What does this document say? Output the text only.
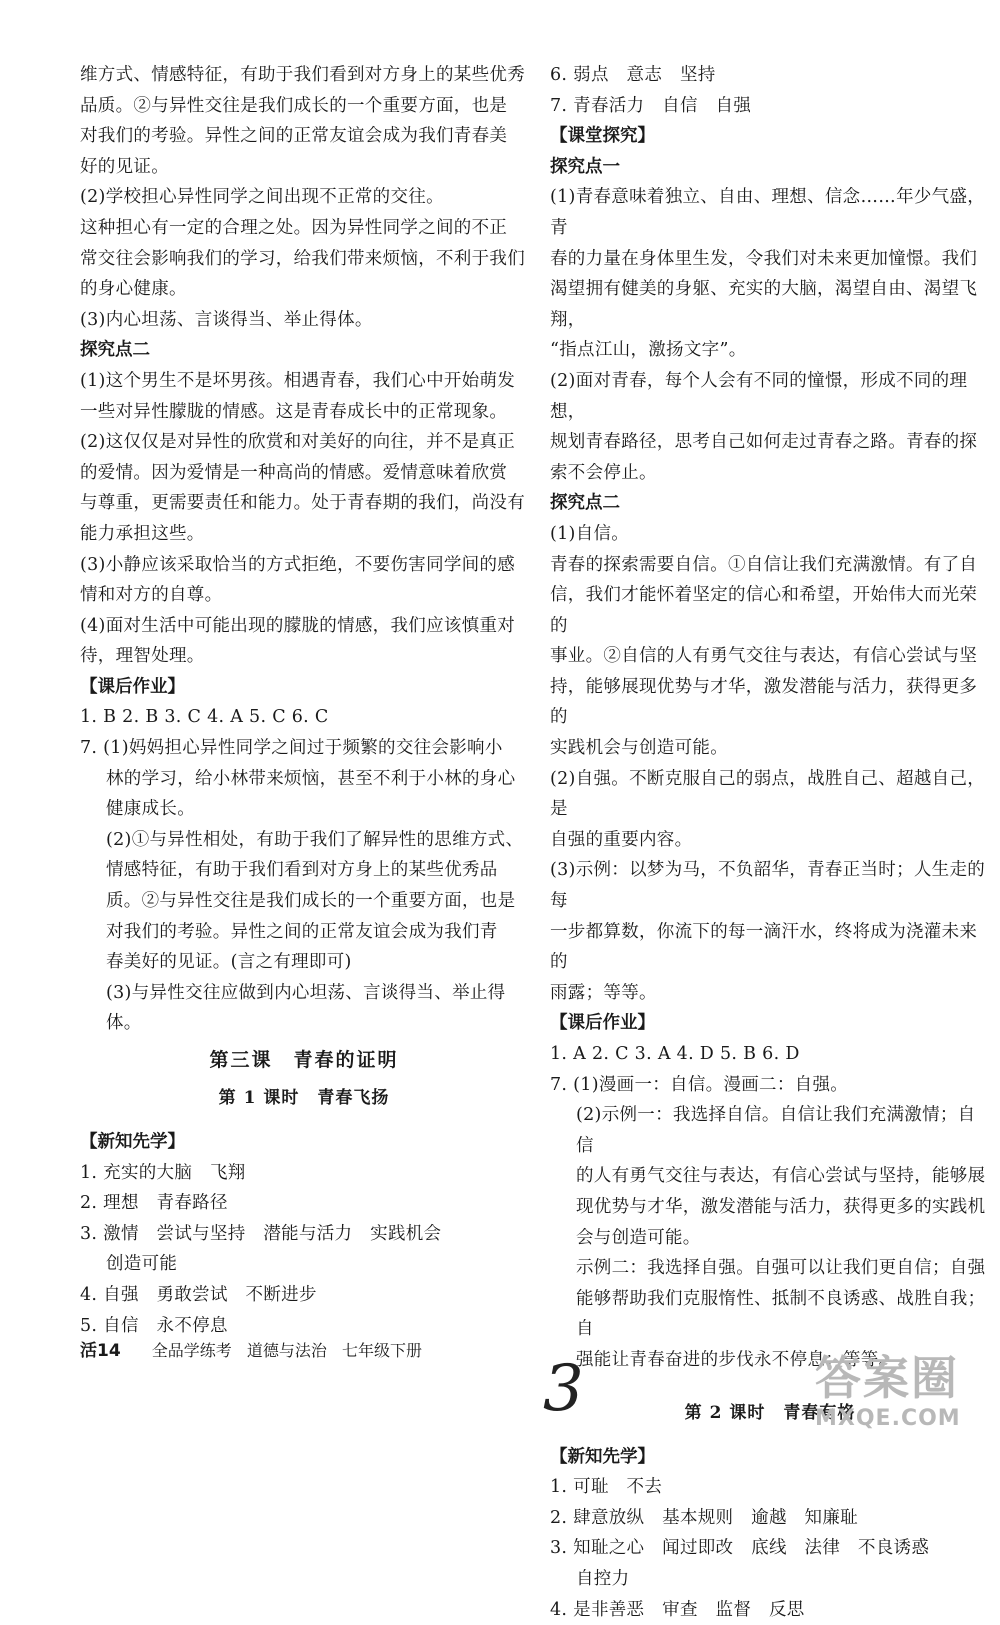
维方式、情感特征，有助于我们看到对方身上的某些优秀

品质。②与异性交往是我们成长的一个重要方面，也是

对我们的考验。异性之间的正常友谊会成为我们青春美

好的见证。

(2)学校担心异性同学之间出现不正常的交往。

这种担心有一定的合理之处。因为异性同学之间的不正

常交往会影响我们的学习，给我们带来烦恼，不利于我们

的身心健康。

(3)内心坦荡、言谈得当、举止得体。

探究点二

(1)这个男生不是坏男孩。相遇青春，我们心中开始萌发

一些对异性朦胧的情感。这是青春成长中的正常现象。

(2)这仅仅是对异性的欣赏和对美好的向往，并不是真正

的爱情。因为爱情是一种高尚的情感。爱情意味着欣赏

与尊重，更需要责任和能力。处于青春期的我们，尚没有

能力承担这些。

(3)小静应该采取恰当的方式拒绝，不要伤害同学间的感

情和对方的自尊。

(4)面对生活中可能出现的朦胧的情感，我们应该慎重对

待，理智处理。

【课后作业】

1. B 2. B 3. C 4. A 5. C 6. C

7. (1)妈妈担心异性同学之间过于频繁的交往会影响小

林的学习，给小林带来烦恼，甚至不利于小林的身心

健康成长。

(2)①与异性相处，有助于我们了解异性的思维方式、

情感特征，有助于我们看到对方身上的某些优秀品

质。②与异性交往是我们成长的一个重要方面，也是

对我们的考验。异性之间的正常友谊会成为我们青

春美好的见证。(言之有理即可)

(3)与异性交往应做到内心坦荡、言谈得当、举止得体。

第三课　青春的证明

第 1 课时　青春飞扬

【新知先学】

1. 充实的大脑　飞翔

2. 理想　青春路径

3. 激情　尝试与坚持　潜能与活力　实践机会

创造可能

4. 自强　勇敢尝试　不断进步

5. 自信　永不停息

6. 弱点　意志　坚持

7. 青春活力　自信　自强

【课堂探究】

探究点一

(1)青春意味着独立、自由、理想、信念……年少气盛，青

春的力量在身体里生发，令我们对未来更加憧憬。我们

渴望拥有健美的身躯、充实的大脑，渴望自由、渴望飞翔，

“指点江山，激扬文字”。

(2)面对青春，每个人会有不同的憧憬，形成不同的理想，

规划青春路径，思考自己如何走过青春之路。青春的探

索不会停止。

探究点二

(1)自信。

青春的探索需要自信。①自信让我们充满激情。有了自

信，我们才能怀着坚定的信心和希望，开始伟大而光荣的

事业。②自信的人有勇气交往与表达，有信心尝试与坚

持，能够展现优势与才华，激发潜能与活力，获得更多的

实践机会与创造可能。

(2)自强。不断克服自己的弱点，战胜自己、超越自己，是

自强的重要内容。

(3)示例：以梦为马，不负韶华，青春正当时；人生走的每

一步都算数，你流下的每一滴汗水，终将成为浇灌未来的

雨露；等等。

【课后作业】

1. A 2. C 3. A 4. D 5. B 6. D

7. (1)漫画一：自信。漫画二：自强。

(2)示例一：我选择自信。自信让我们充满激情；自信

的人有勇气交往与表达，有信心尝试与坚持，能够展

现优势与才华，激发潜能与活力，获得更多的实践机

会与创造可能。

示例二：我选择自强。自强可以让我们更自信；自强

能够帮助我们克服惰性、抵制不良诱惑、战胜自我；自

强能让青春奋进的步伐永不停息；等等。

第 2 课时　青春有格

【新知先学】

1. 可耻　不去

2. 肆意放纵　基本规则　逾越　知廉耻

3. 知耻之心　闻过即改　底线　法律　不良诱惑

自控力

4. 是非善恶　审查　监督　反思

活14 全品学练考 道德与法治 七年级下册
3	答案圈
MXQE.COM
